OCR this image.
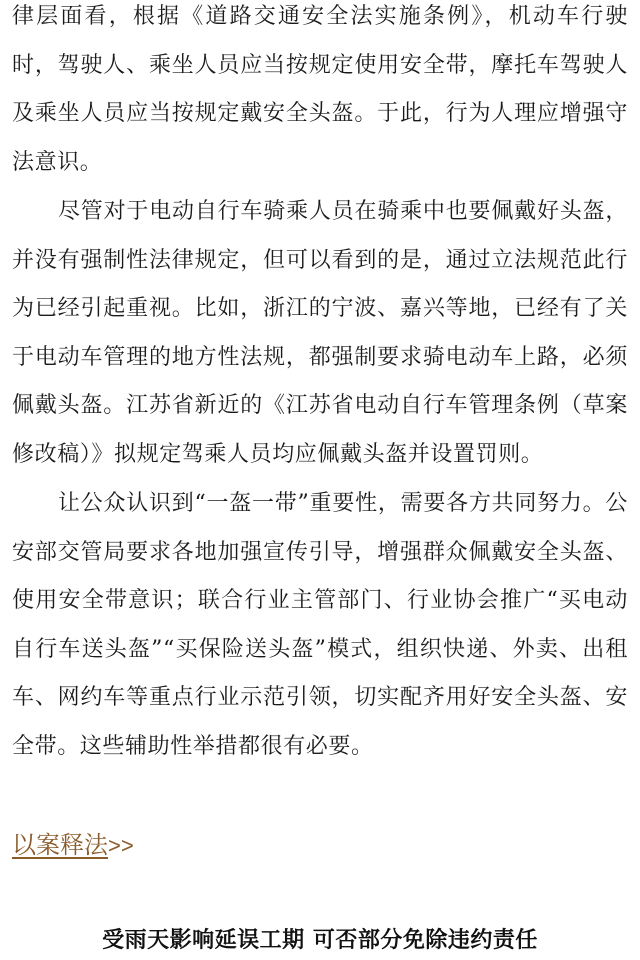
律层面看，根据《道路交通安全法实施条例》，机动车行驶时，驾驶人、乘坐人员应当按规定使用安全带，摩托车驾驶人及乘坐人员应当按规定戴安全头盔。于此，行为人理应增强守法意识。

尽管对于电动自行车骑乘人员在骑乘中也要佩戴好头盔，并没有强制性法律规定，但可以看到的是，通过立法规范此行为已经引起重视。比如，浙江的宁波、嘉兴等地，已经有了关于电动车管理的地方性法规，都强制要求骑电动车上路，必须佩戴头盔。江苏省新近的《江苏省电动自行车管理条例（草案修改稿）》拟规定驾乘人员均应佩戴头盔并设置罚则。

让公众认识到“一盔一带”重要性，需要各方共同努力。公安部交管局要求各地加强宣传引导，增强群众佩戴安全头盔、使用安全带意识；联合行业主管部门、行业协会推广“买电动自行车送头盔”“买保险送头盔”模式，组织快递、外卖、出租车、网约车等重点行业示范引领，切实配齐用好安全头盔、安全带。这些辅助性举措都很有必要。

以案释法>>
受雨天影响延误工期 可否部分免除违约责任
